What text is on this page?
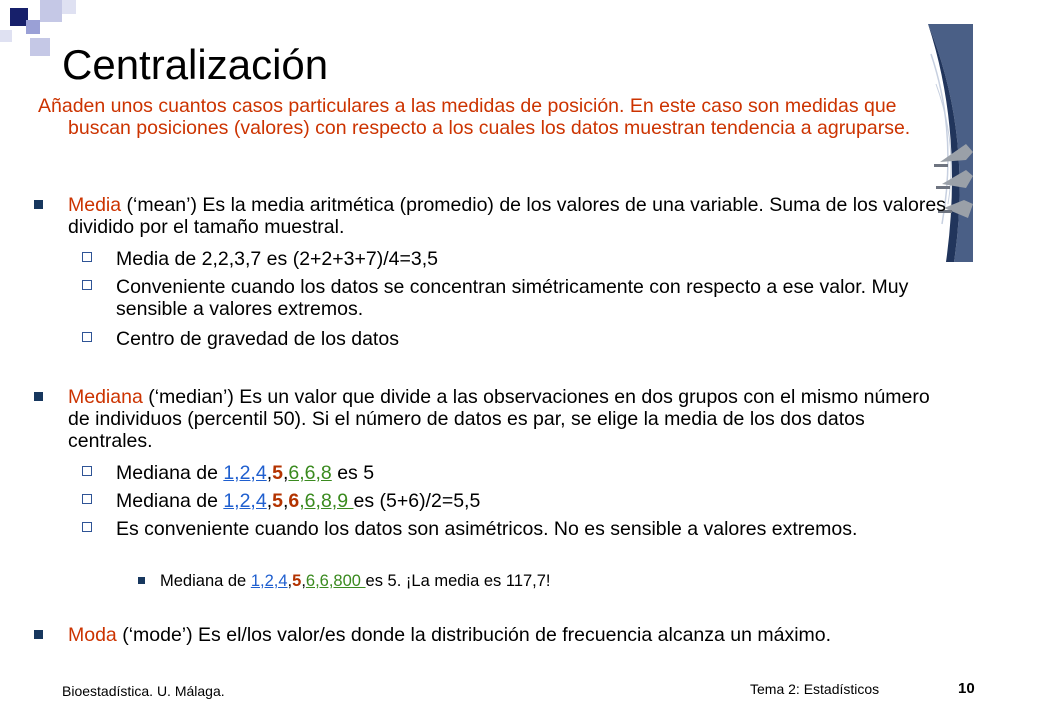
Centralización
Añaden unos cuantos casos particulares a las medidas de posición. En este caso son medidas que buscan posiciones (valores) con respecto a los cuales los datos muestran tendencia a agruparse.
Media (‘mean’) Es la media aritmética (promedio) de los valores de una variable. Suma de los valores dividido por el tamaño muestral.
Media de 2,2,3,7 es (2+2+3+7)/4=3,5
Conveniente cuando los datos se concentran simétricamente con respecto a ese valor. Muy sensible a valores extremos.
Centro de gravedad de los datos
Mediana (‘median’) Es un valor que divide a las observaciones en dos grupos con el mismo número de individuos (percentil 50). Si el número de datos es par, se elige la media de los dos datos centrales.
Mediana de 1,2,4,5,6,6,8 es 5
Mediana de 1,2,4,5,6,6,8,9 es (5+6)/2=5,5
Es conveniente cuando los datos son asimétricos. No es sensible a valores extremos.
Mediana de 1,2,4,5,6,6,800 es 5. ¡La media es 117,7!
Moda (‘mode’) Es el/los valor/es donde la distribución de frecuencia alcanza un máximo.
Bioestadística. U. Málaga.	Tema 2: Estadísticos	10
